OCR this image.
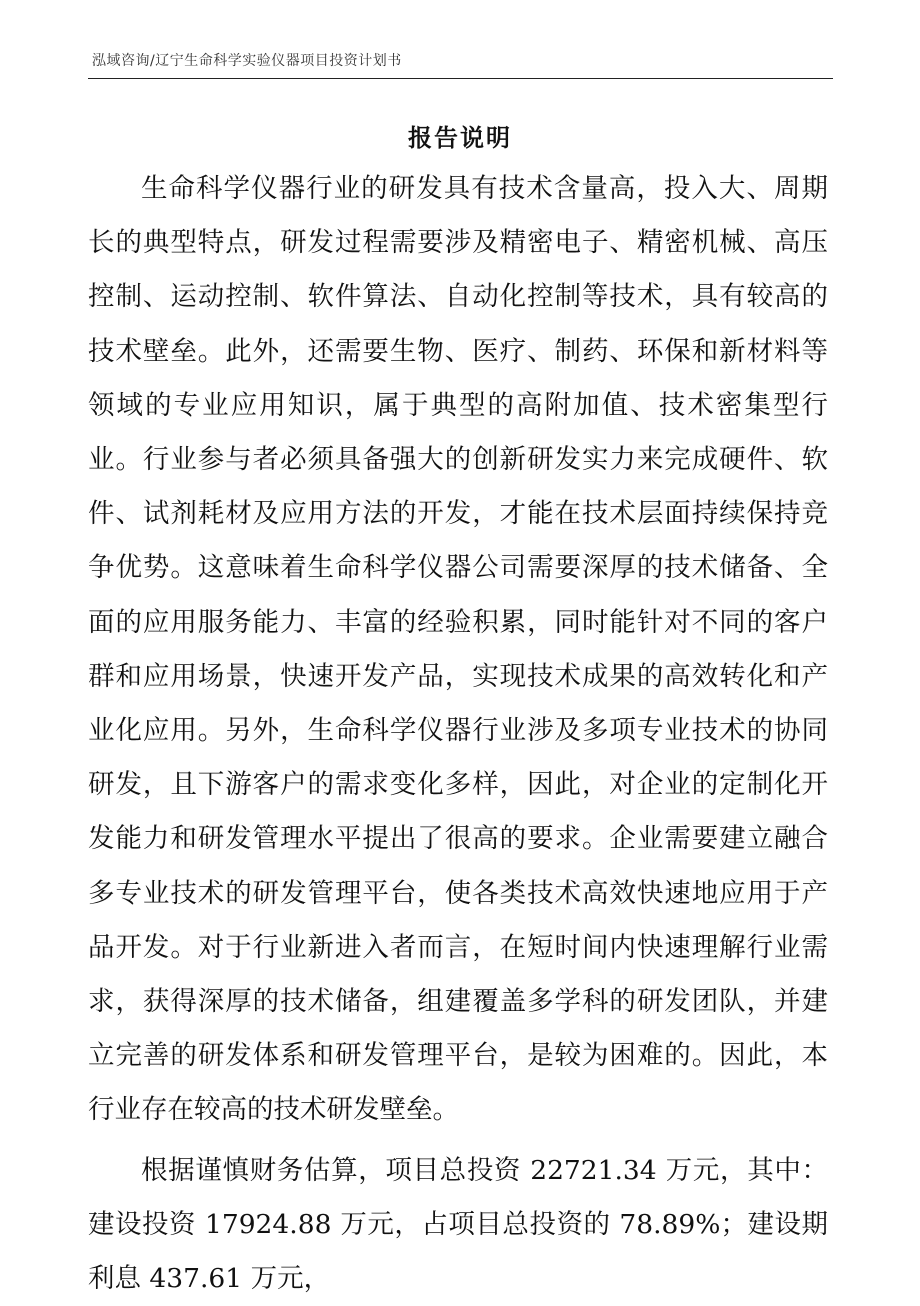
泓域咨询/辽宁生命科学实验仪器项目投资计划书
报告说明

生命科学仪器行业的研发具有技术含量高，投入大、周期长的典型特点，研发过程需要涉及精密电子、精密机械、高压控制、运动控制、软件算法、自动化控制等技术，具有较高的技术壁垒。此外，还需要生物、医疗、制药、环保和新材料等领域的专业应用知识，属于典型的高附加值、技术密集型行业。行业参与者必须具备强大的创新研发实力来完成硬件、软件、试剂耗材及应用方法的开发，才能在技术层面持续保持竞争优势。这意味着生命科学仪器公司需要深厚的技术储备、全面的应用服务能力、丰富的经验积累，同时能针对不同的客户群和应用场景，快速开发产品，实现技术成果的高效转化和产业化应用。另外，生命科学仪器行业涉及多项专业技术的协同研发，且下游客户的需求变化多样，因此，对企业的定制化开发能力和研发管理水平提出了很高的要求。企业需要建立融合多专业技术的研发管理平台，使各类技术高效快速地应用于产品开发。对于行业新进入者而言，在短时间内快速理解行业需求，获得深厚的技术储备，组建覆盖多学科的研发团队，并建立完善的研发体系和研发管理平台，是较为困难的。因此，本行业存在较高的技术研发壁垒。

根据谨慎财务估算，项目总投资 22721.34 万元，其中：建设投资 17924.88 万元，占项目总投资的 78.89%；建设期利息 437.61 万元，
